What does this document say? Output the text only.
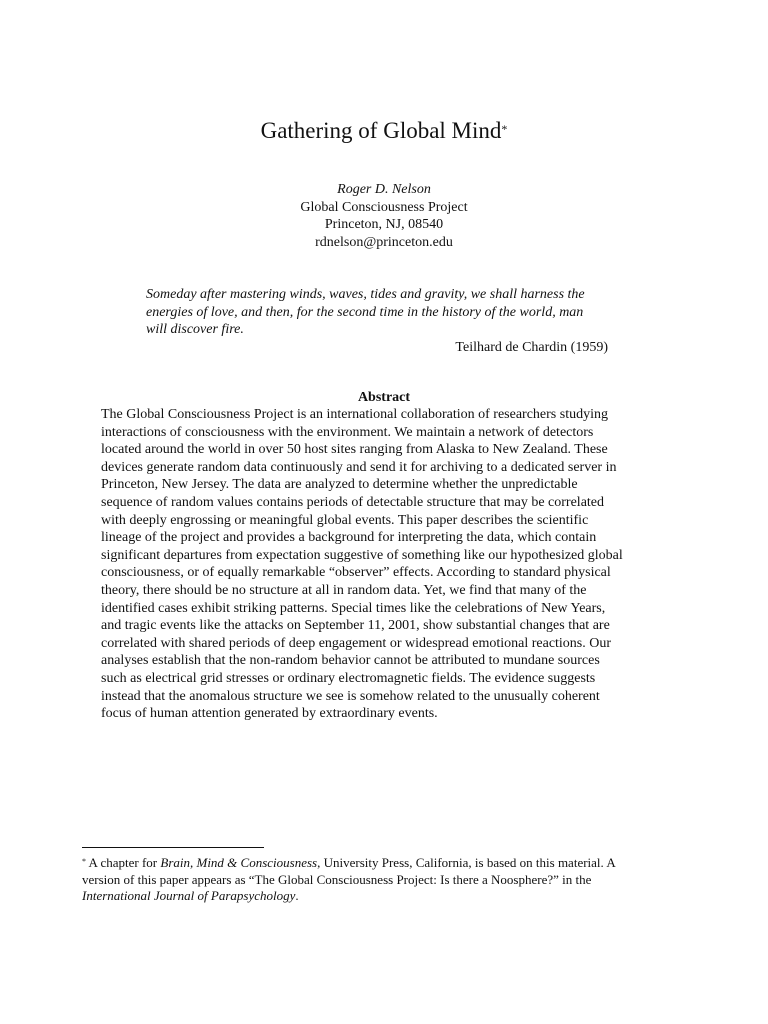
Gathering of Global Mind*
Roger D. Nelson
Global Consciousness Project
Princeton, NJ, 08540
rdnelson@princeton.edu
Someday after mastering winds, waves, tides and gravity, we shall harness the
energies of love, and then, for the second time in the history of the world, man
will discover fire.
Teilhard de Chardin (1959)
Abstract
The Global Consciousness Project is an international collaboration of researchers studying
interactions of consciousness with the environment. We maintain a network of detectors
located around the world in over 50 host sites ranging from Alaska to New Zealand. These
devices generate random data continuously and send it for archiving to a dedicated server in
Princeton, New Jersey. The data are analyzed to determine whether the unpredictable
sequence of random values contains periods of detectable structure that may be correlated
with deeply engrossing or meaningful global events. This paper describes the scientific
lineage of the project and provides a background for interpreting the data, which contain
significant departures from expectation suggestive of something like our hypothesized global
consciousness, or of equally remarkable “observer” effects. According to standard physical
theory, there should be no structure at all in random data. Yet, we find that many of the
identified cases exhibit striking patterns. Special times like the celebrations of New Years,
and tragic events like the attacks on September 11, 2001, show substantial changes that are
correlated with shared periods of deep engagement or widespread emotional reactions. Our
analyses establish that the non-random behavior cannot be attributed to mundane sources
such as electrical grid stresses or ordinary electromagnetic fields. The evidence suggests
instead that the anomalous structure we see is somehow related to the unusually coherent
focus of human attention generated by extraordinary events.
* A chapter for Brain, Mind & Consciousness, University Press, California, is based on this material. A
version of this paper appears as “The Global Consciousness Project: Is there a Noosphere?” in the
International Journal of Parapsychology.
